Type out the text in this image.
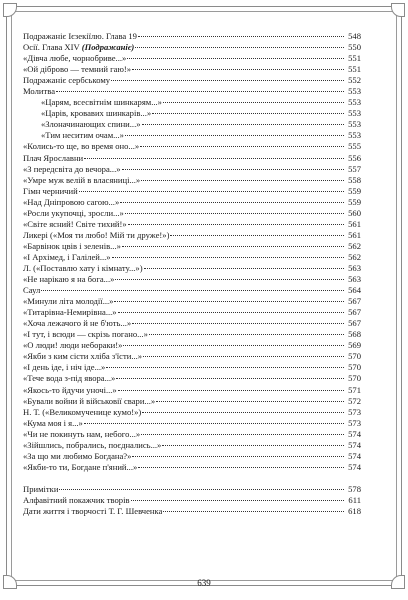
Подражаніє Ієзекіїлю. Глава 19	548
Осії. Глава XIV (Подражаніє)	550
«Дівча любе, чорнобриве...»	551
«Ой діброво — темний гаю!»	551
Подражаніє сербському	552
Молитва	553
«Царям, всесвітнім шинкарям...»	553
«Царів, кровавих шинкарів...»	553
«Злоначинающих спини...»	553
«Тим неситим очам...»	553
«Колись-то ще, во время оно...»	555
Плач Ярославни	556
«З передсвіта до вечора...»	557
«Умре муж велій в власяниці...»	558
Гімн черничий	559
«Над Дніпровою сагою...»	559
«Росли укупочці, зросли...»	560
«Світе ясний! Світе тихий!»	561
Ликері («Моя ти любо! Мій ти друже!»)	561
«Барвінок цвів і зеленів...»	562
«І Архімед, і Галілей...»	562
Л. («Поставлю хату і кімнату...»)	563
«Не нарікаю я на бога...»	563
Саул	564
«Минули літа молодії...»	567
«Титарівна-Немирівна...»	567
«Хоча лежачого й не б'ють...»	567
«І тут, і всюди — скрізь погано...»	568
«О люди! люди небораки!»	569
«Якби з ким сісти хліба з'їсти...»	570
«І день іде, і ніч іде...»	570
«Тече вода з-під явора...»	570
«Якось-то йдучи уночі...»	571
«Бували войни й військовії свари...»	572
Н. Т. («Великомученице кумо!»)	573
«Кума моя і я...»	573
«Чи не покинуть нам, небого...»	574
«Зійшлись, побрались, поєднались...»	574
«За що ми любимо Богдана?»	574
«Якби-то ти, Богдане п'яний...»	574
Примітки	578
Алфавітний покажчик творів	611
Дати життя і творчості Т. Г. Шевченка	618
639
